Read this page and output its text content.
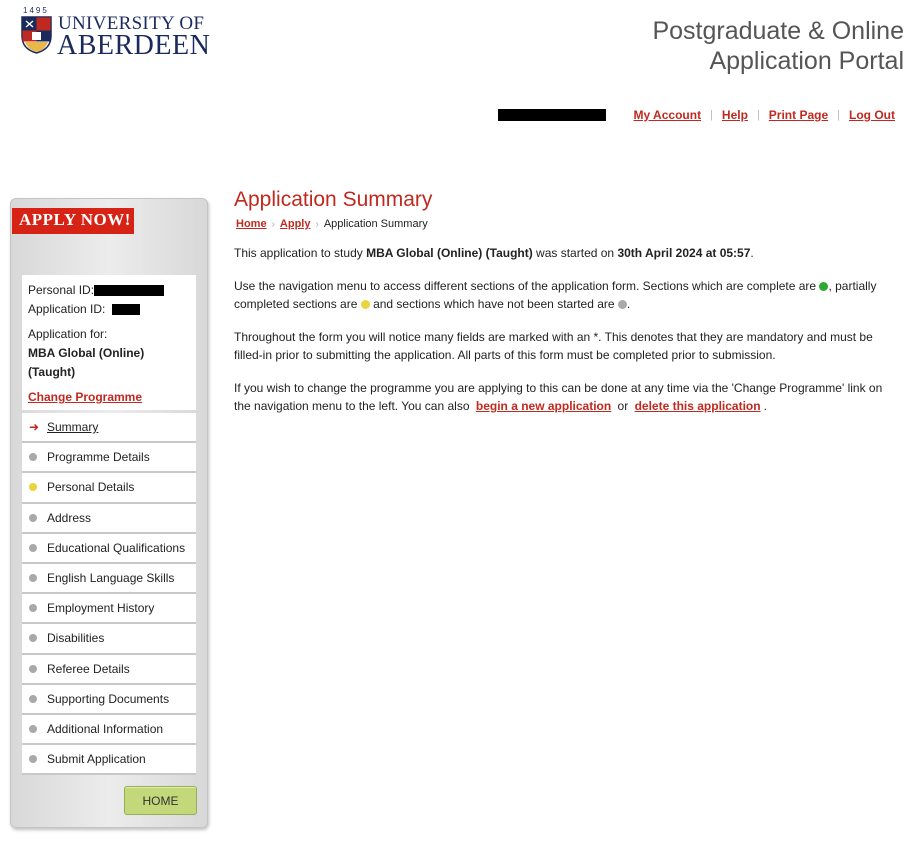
1495
UNIVERSITY OF
ABERDEEN	Postgraduate & Online
Application Portal
My Account | Help | Print Page | Log Out
APPLY NOW!
Personal ID:
Application ID:
Application for:
MBA Global (Online) (Taught)
Change Programme
➜ Summary
Programme Details
Personal Details
Address
Educational Qualifications
English Language Skills
Employment History
Disabilities
Referee Details
Supporting Documents
Additional Information
Submit Application
HOME
Application Summary
Home › Apply › Application Summary

This application to study MBA Global (Online) (Taught) was started on 30th April 2024 at 05:57.

Use the navigation menu to access different sections of the application form. Sections which are complete are , partially completed sections are  and sections which have not been started are .

Throughout the form you will notice many fields are marked with an *. This denotes that they are mandatory and must be filled-in prior to submitting the application. All parts of this form must be completed prior to submission.

If you wish to change the programme you are applying to this can be done at any time via the 'Change Programme' link on the navigation menu to the left. You can also begin a new application or delete this application .
